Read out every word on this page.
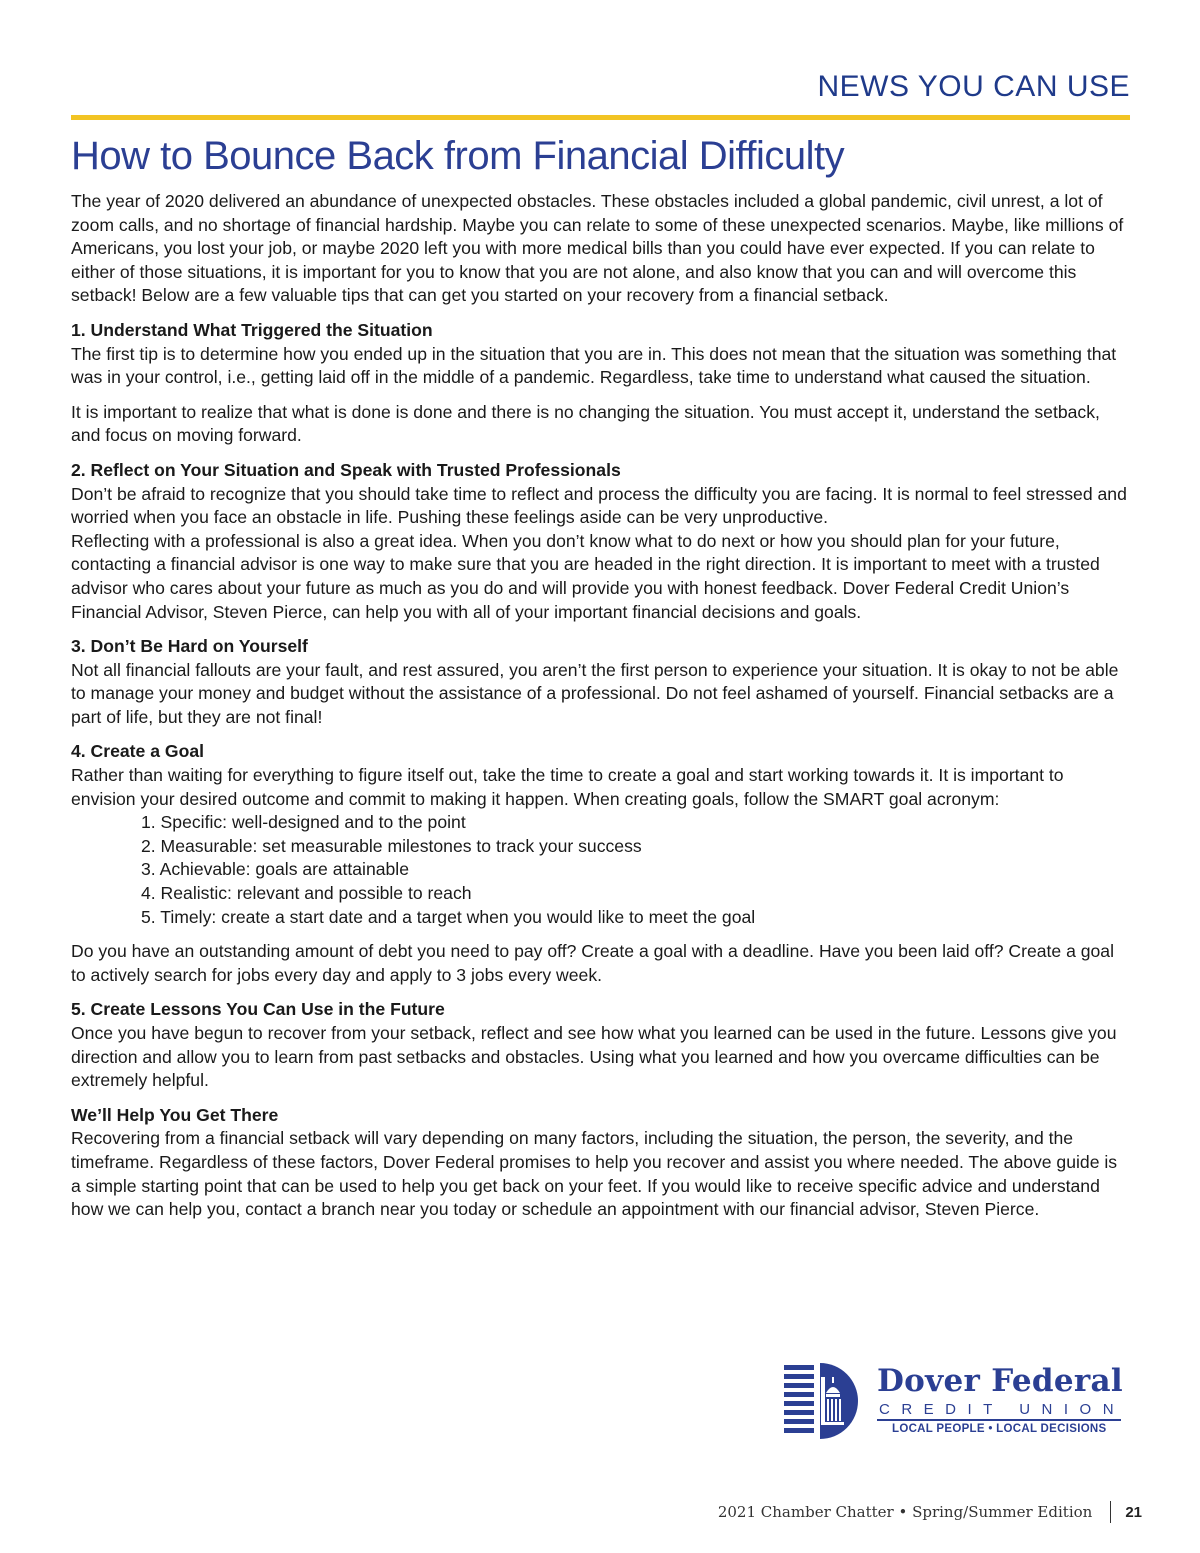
NEWS YOU CAN USE
How to Bounce Back from Financial Difficulty

The year of 2020 delivered an abundance of unexpected obstacles. These obstacles included a global pandemic, civil unrest, a lot of zoom calls, and no shortage of financial hardship. Maybe you can relate to some of these unexpected scenarios. Maybe, like millions of Americans, you lost your job, or maybe 2020 left you with more medical bills than you could have ever expected. If you can relate to either of those situations, it is important for you to know that you are not alone, and also know that you can and will overcome this setback! Below are a few valuable tips that can get you started on your recovery from a financial setback.

1. Understand What Triggered the Situation

The first tip is to determine how you ended up in the situation that you are in. This does not mean that the situation was something that was in your control, i.e., getting laid off in the middle of a pandemic. Regardless, take time to understand what caused the situation.

It is important to realize that what is done is done and there is no changing the situation. You must accept it, understand the setback, and focus on moving forward.

2. Reflect on Your Situation and Speak with Trusted Professionals

Don’t be afraid to recognize that you should take time to reflect and process the difficulty you are facing. It is normal to feel stressed and worried when you face an obstacle in life. Pushing these feelings aside can be very unproductive.

Reflecting with a professional is also a great idea. When you don’t know what to do next or how you should plan for your future, contacting a financial advisor is one way to make sure that you are headed in the right direction. It is important to meet with a trusted advisor who cares about your future as much as you do and will provide you with honest feedback. Dover Federal Credit Union’s Financial Advisor, Steven Pierce, can help you with all of your important financial decisions and goals.

3. Don’t Be Hard on Yourself

Not all financial fallouts are your fault, and rest assured, you aren’t the first person to experience your situation. It is okay to not be able to manage your money and budget without the assistance of a professional. Do not feel ashamed of yourself. Financial setbacks are a part of life, but they are not final!

4. Create a Goal

Rather than waiting for everything to figure itself out, take the time to create a goal and start working towards it. It is important to envision your desired outcome and commit to making it happen. When creating goals, follow the SMART goal acronym:

1. Specific: well-designed and to the point
2. Measurable: set measurable milestones to track your success
3. Achievable: goals are attainable
4. Realistic: relevant and possible to reach
5. Timely: create a start date and a target when you would like to meet the goal

Do you have an outstanding amount of debt you need to pay off? Create a goal with a deadline. Have you been laid off? Create a goal to actively search for jobs every day and apply to 3 jobs every week.

5. Create Lessons You Can Use in the Future

Once you have begun to recover from your setback, reflect and see how what you learned can be used in the future. Lessons give you direction and allow you to learn from past setbacks and obstacles. Using what you learned and how you overcame difficulties can be extremely helpful.

We’ll Help You Get There

Recovering from a financial setback will vary depending on many factors, including the situation, the person, the severity, and the timeframe. Regardless of these factors, Dover Federal promises to help you recover and assist you where needed. The above guide is a simple starting point that can be used to help you get back on your feet. If you would like to receive specific advice and understand how we can help you, contact a branch near you today or schedule an appointment with our financial advisor, Steven Pierce.

Dover Federal
CREDIT UNION
LOCAL PEOPLE • LOCAL DECISIONS
2021 Chamber Chatter • Spring/Summer Edition 21
